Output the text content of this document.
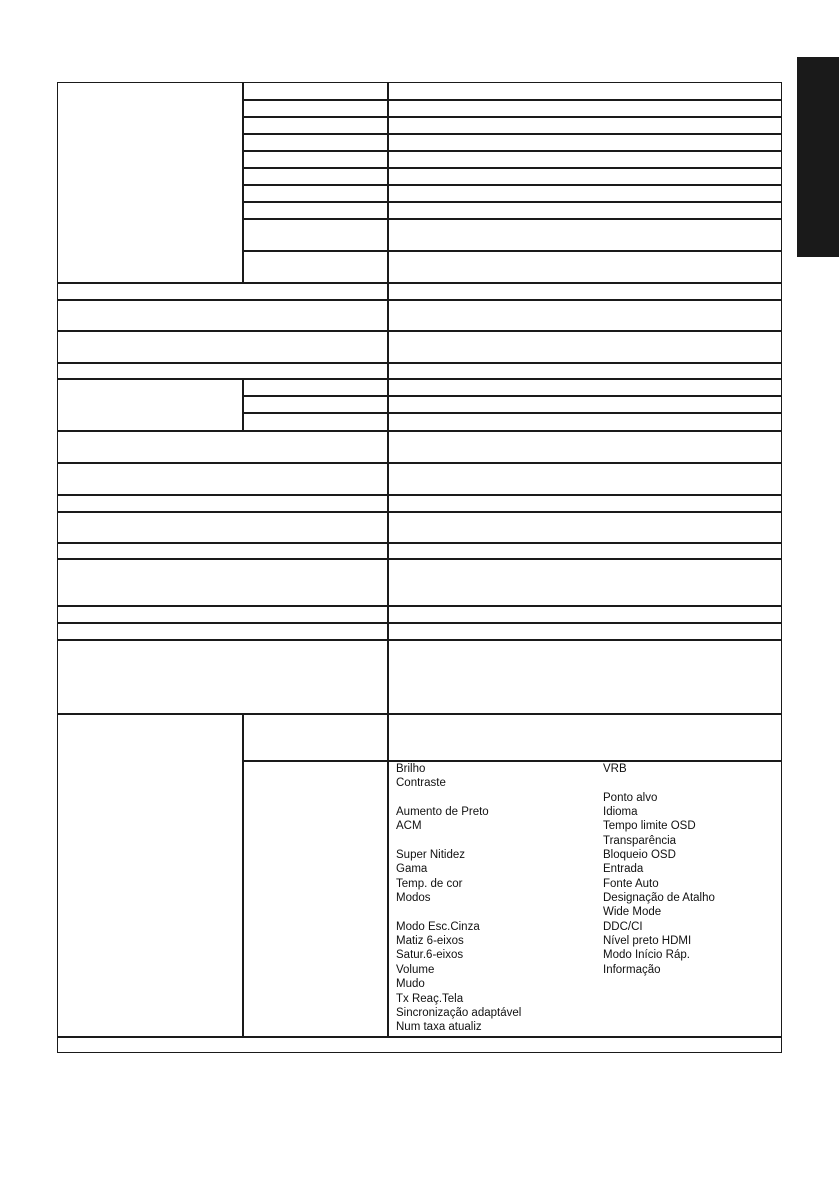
Brilho
Contraste
Aumento de Preto
ACM
Super Nitidez
Gama
Temp. de cor
Modos
Modo Esc.Cinza
Matiz 6-eixos
Satur.6-eixos
Volume
Mudo
Tx Reaç.Tela
Sincronização adaptável
Num taxa atualiz
VRB
Ponto alvo
Idioma
Tempo limite OSD
Transparência
Bloqueio OSD
Entrada
Fonte Auto
Designação de Atalho
Wide Mode
DDC/CI
Nível preto HDMI
Modo Início Ráp.
Informação
